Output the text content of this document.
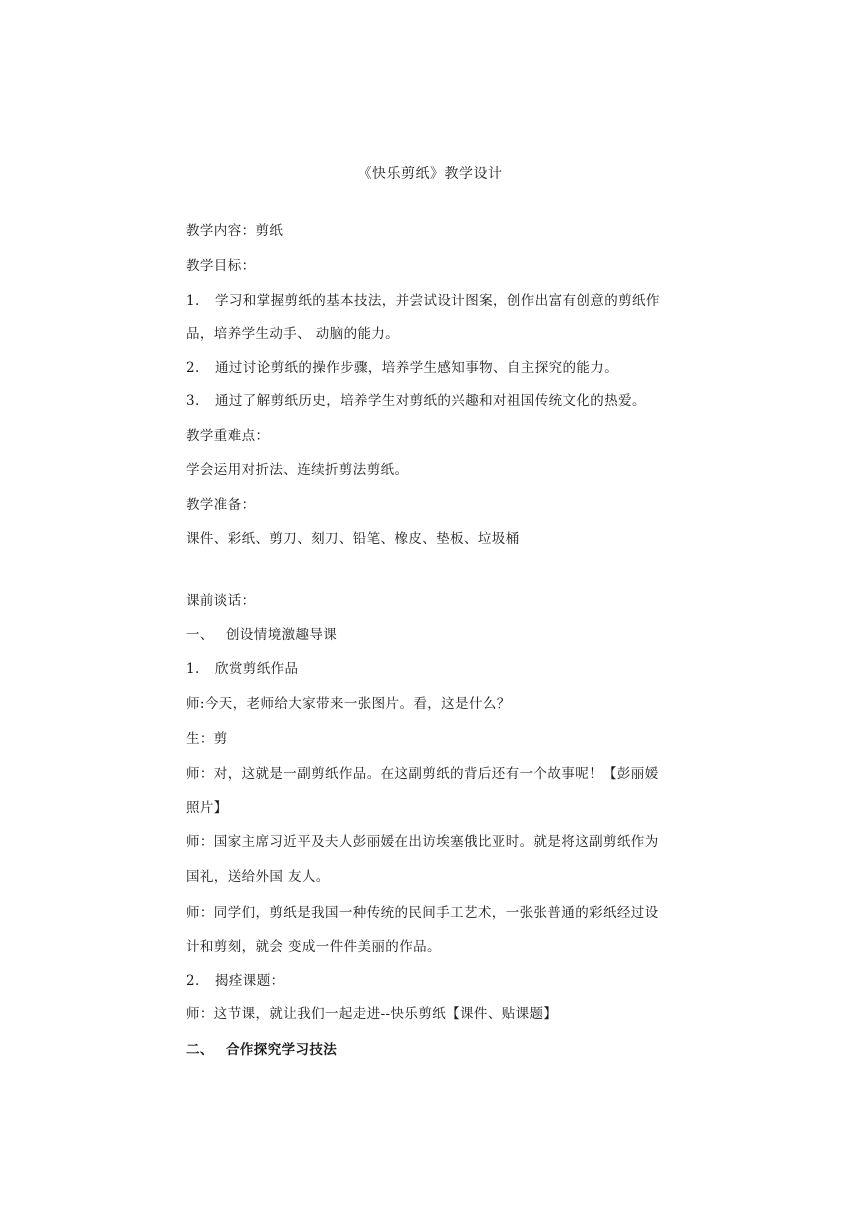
《快乐剪纸》教学设计
教学内容：剪纸
教学目标：
1. 学习和掌握剪纸的基本技法，并尝试设计图案，创作出富有创意的剪纸作
品，培养学生动手、 动脑的能力。
2. 通过讨论剪纸的操作步骤，培养学生感知事物、自主探究的能力。
3. 通过了解剪纸历史，培养学生对剪纸的兴趣和对祖国传统文化的热爱。
教学重难点：
学会运用对折法、连续折剪法剪纸。
教学准备：
课件、彩纸、剪刀、刻刀、铅笔、橡皮、垫板、垃圾桶
课前谈话：
一、 创设情境激趣导课
1. 欣赏剪纸作品
师:今天，老师给大家带来一张图片。看，这是什么？
生：剪
师：对，这就是一副剪纸作品。在这副剪纸的背后还有一个故事呢！【彭丽媛
照片】
师：国家主席习近平及夫人彭丽媛在出访埃塞俄比亚时。就是将这副剪纸作为
国礼，送给外国 友人。
师：同学们，剪纸是我国一种传统的民间手工艺术，一张张普通的彩纸经过设
计和剪刻，就会 变成一件件美丽的作品。
2. 揭痊课题：
师：这节课，就让我们一起走进--快乐剪纸【课件、贴课题】
二、 合作探究学习技法
